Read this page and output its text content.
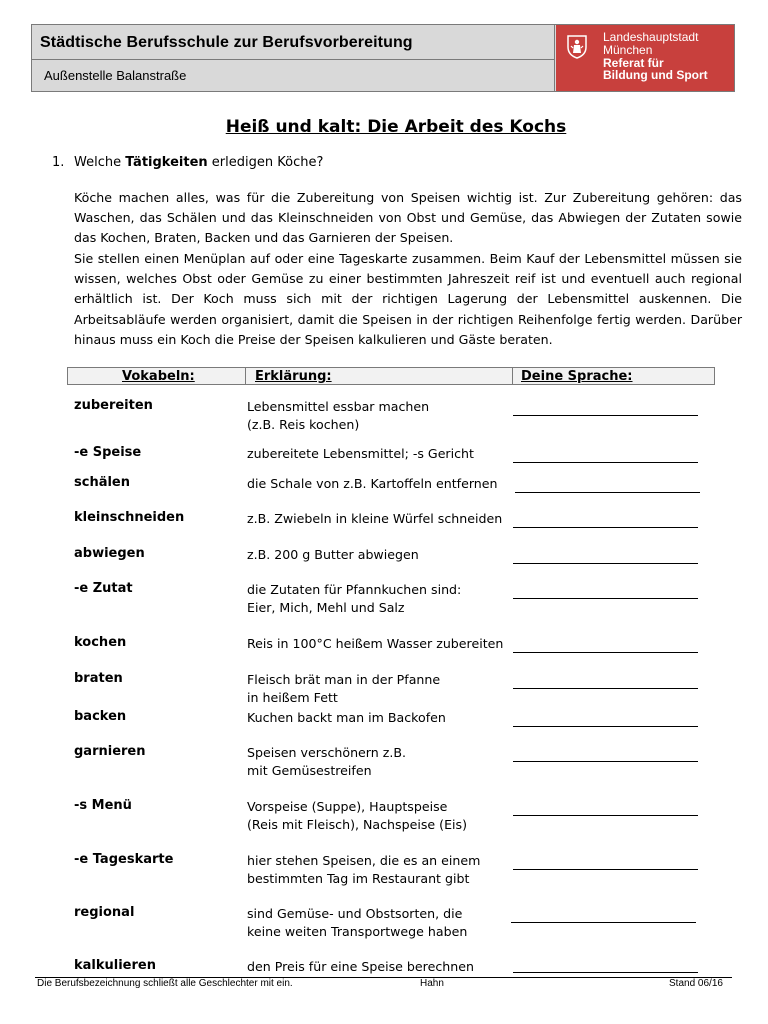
Städtische Berufsschule zur Berufsvorbereitung
Außenstelle Balanstraße
Landeshauptstadt
München
Referat für
Bildung und Sport
Heiß und kalt: Die Arbeit des Kochs
1. Welche Tätigkeiten erledigen Köche?
Köche machen alles, was für die Zubereitung von Speisen wichtig ist. Zur Zubereitung gehören: das Waschen, das Schälen und das Kleinschneiden von Obst und Gemüse, das Abwiegen der Zutaten sowie das Kochen, Braten, Backen und das Garnieren der Speisen.
Sie stellen einen Menüplan auf oder eine Tageskarte zusammen. Beim Kauf der Lebensmittel müssen sie wissen, welches Obst oder Gemüse zu einer bestimmten Jahreszeit reif ist und eventuell auch regional erhältlich ist. Der Koch muss sich mit der richtigen Lagerung der Lebensmittel auskennen. Die Arbeitsabläufe werden organisiert, damit die Speisen in der richtigen Reihenfolge fertig werden. Darüber hinaus muss ein Koch die Preise der Speisen kalkulieren und Gäste beraten.
Vokabeln:	Erklärung:	Deine Sprache:
zubereiten	Lebensmittel essbar machen
(z.B. Reis kochen)
-e Speise	zubereitete Lebensmittel; -s Gericht
schälen	die Schale von z.B. Kartoffeln entfernen
kleinschneiden	z.B. Zwiebeln in kleine Würfel schneiden
abwiegen	z.B. 200 g Butter abwiegen
-e Zutat	die Zutaten für Pfannkuchen sind:
Eier, Mich, Mehl und Salz
kochen	Reis in 100°C heißem Wasser zubereiten
braten	Fleisch brät man in der Pfanne
in heißem Fett
backen	Kuchen backt man im Backofen
garnieren	Speisen verschönern z.B.
mit Gemüsestreifen
-s Menü	Vorspeise (Suppe), Hauptspeise
(Reis mit Fleisch), Nachspeise (Eis)
-e Tageskarte	hier stehen Speisen, die es an einem
bestimmten Tag im Restaurant gibt
regional	sind Gemüse- und Obstsorten, die
keine weiten Transportwege haben
kalkulieren	den Preis für eine Speise berechnen
Die Berufsbezeichnung schließt alle Geschlechter mit ein.	Hahn	Stand 06/16
